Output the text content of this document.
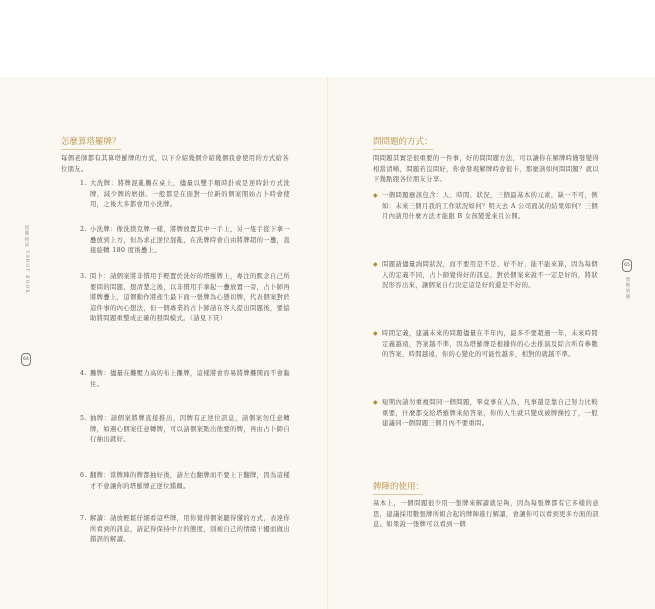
塔羅秘訣 TAROT BOOK
64
怎麼算塔羅牌？
每個老師都有其算塔羅牌的方式，以下介紹幾個介紹幾個我會使用的方式給各位朋友。
1. 大洗牌：將牌混亂攤在桌上，儘量以雙手順時針或是逆時針方式洗牌，減少牌的磨損。一般都是在面對一位新的個案開始占卜時會使用，之後大多都會用小洗牌。
2. 小洗牌：像洗撲克牌一樣，將牌放置其中一手上，另一隻手從下拿一疊放到上方，但為求正逆位混亂，在洗牌時會自由將牌超的一疊，直接旋轉 180 度後疊上。
3. 問卜：請個案將非慣用手輕置於洗好的塔羅牌上，專注的默念自己所要問的問題，想清楚之後，以非慣用手拿起一疊放置一旁，占卜師再將牌疊上，這個動作將產生最下面一張牌為心態切牌，代表個案對於這件事的內心想法，但一個專業的占卜師請在客人提出問題後，要協助將問題重整成正確的發問模式。（請見下頁）
4. 攤牌：儘量在攤壓力高的布上攤牌，這樣將會容易將牌攤開而不會黏住。
5. 抽牌：請個案將牌直接推出，因牌有正逆位訊息，請個案勿任意轉牌，如遇心個案任意轉牌，可以請個案點出他要的牌，再由占卜師自行抽出就好。
6. 翻牌：當牌陣的牌都抽好後，請左右翻牌而不要上下翻牌，因為這樣才不會讓你的塔羅牌正逆位錯顛。
7. 解讀：請放輕鬆仔細看這些牌，用你覺得個案聽得懂的方式，表達你所看到的訊息，請記得保持中立的態度，別被自己的情緒干擾而做出錯誤的解讀。
問問題的方式：
問問題其實是很重要的一件事，好的問問題方法，可以讓你在解牌時簡發變得相當清晰，問題若沒問好，你會發現解牌時會很卡，那麼該如何問問題？就以下幾點跟各位朋友分享。
◆ 一個問題應該包含：人、時間、狀況，三個最基本的元素，缺一不可，例如：未來三個月我的工作狀況如何？明天去 A 公司面試的結果如何？三個月內請用什麼方法才能跟 B 女孩變愛來且公開。
◆ 問題請儘量詢問狀況，而不要用是不是、好不好、能不能來算，因為每個人的定義不同，占卜師覺得好的訊息，對於個案來說不一定是好的，將狀況形容出來，讓個案自行決定這是好的還是不好的。
◆ 時間定義，建議未來的問題儘量在半年內，最多不要超過一年，未來時間定義越遠，答案越不準，因為塔羅牌是根據你的心去推演及綜合所有參數的答案，時間越遠，你的心變化的可能性越多，相對的就越不準。
◆ 短期內請勿重複問同一個問題，畢竟事在人為，凡事還是靠自己努力比較重要，什麼都交給塔羅牌來給答案，你的人生就只變成被牌操控了，一般建議同一個問題三個月內不要重問。
牌陣的使用：
基本上，一個問題很少用一張牌來解讀就足夠，因為每張牌都有它多樣的意思，建議採用數張牌所組合起的牌陣進行解讀，會讓你可以看到更多方面的訊息。如果說一張牌可以看到一個
實戰塔羅
65
